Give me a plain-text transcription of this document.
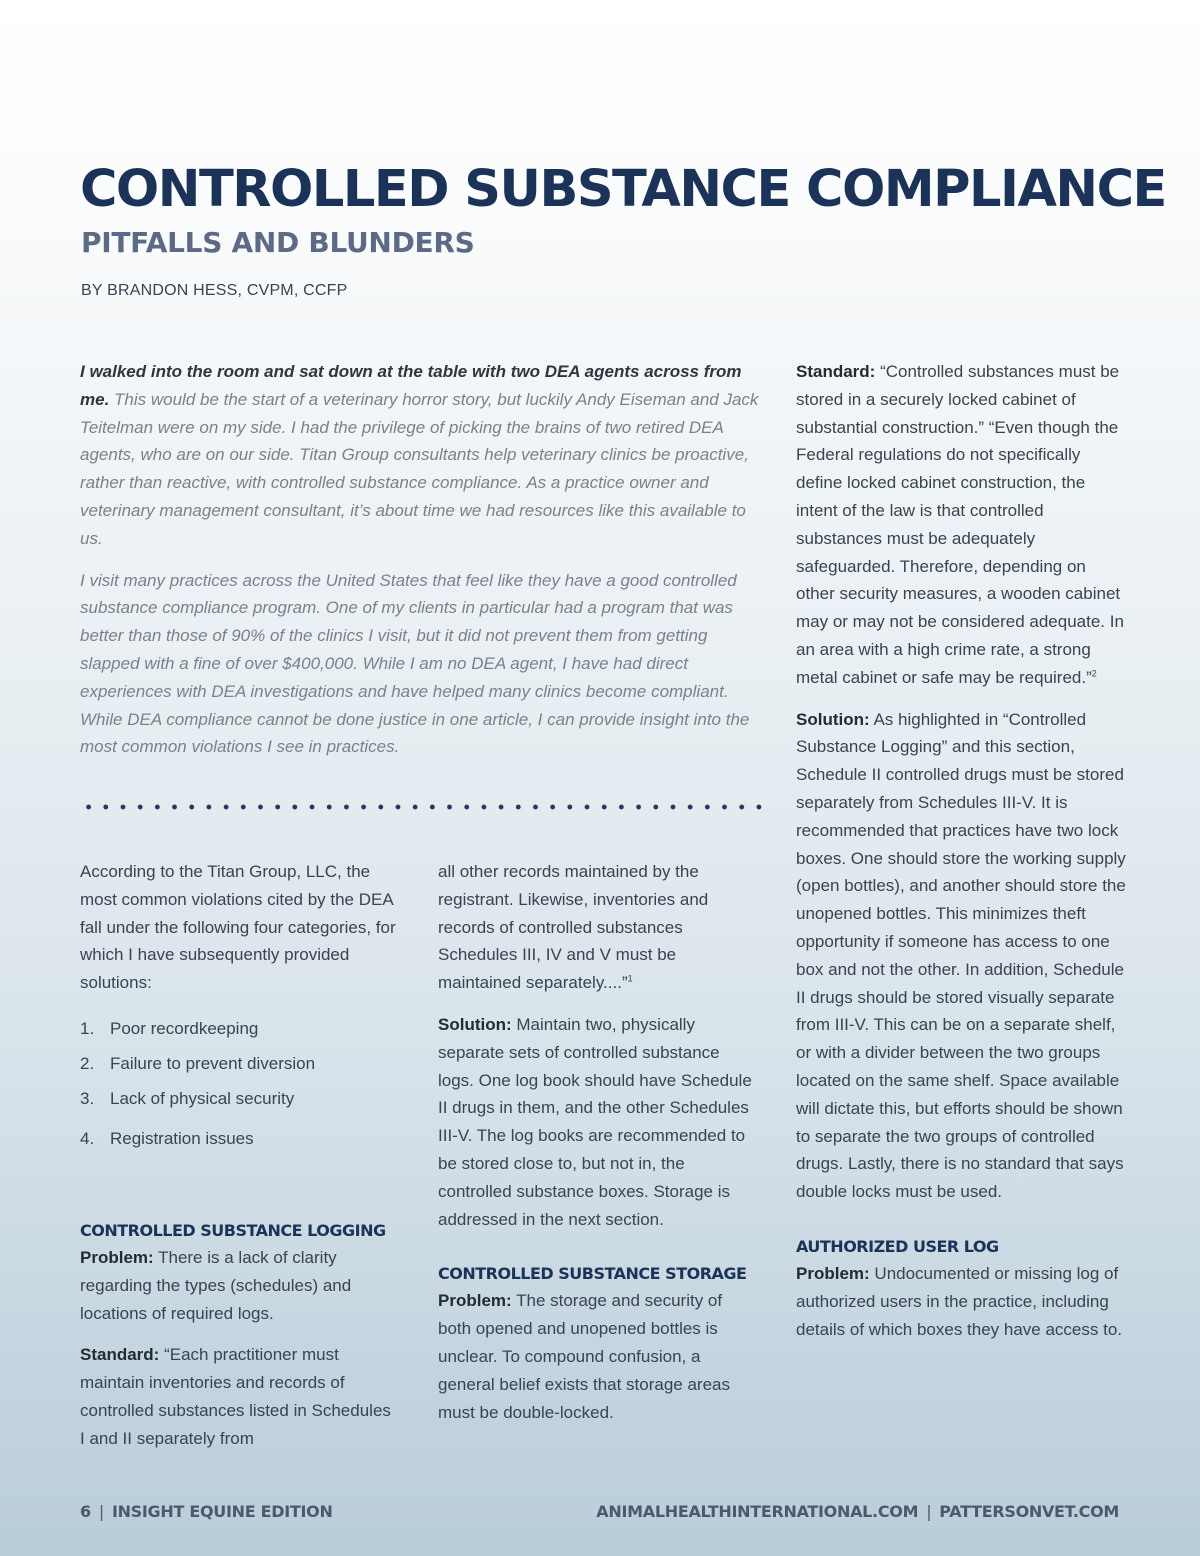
CONTROLLED SUBSTANCE COMPLIANCE
PITFALLS AND BLUNDERS

BY BRANDON HESS, CVPM, CCFP

I walked into the room and sat down at the table with two DEA agents across from me. This would be the start of a veterinary horror story, but luckily Andy Eiseman and Jack Teitelman were on my side. I had the privilege of picking the brains of two retired DEA agents, who are on our side. Titan Group consultants help veterinary clinics be proactive, rather than reactive, with controlled substance compliance. As a practice owner and veterinary management consultant, it’s about time we had resources like this available to us.

I visit many practices across the United States that feel like they have a good controlled substance compliance program. One of my clients in particular had a program that was better than those of 90% of the clinics I visit, but it did not prevent them from getting slapped with a fine of over $400,000. While I am no DEA agent, I have had direct experiences with DEA investigations and have helped many clinics become compliant. While DEA compliance cannot be done justice in one article, I can provide insight into the most common violations I see in practices.

According to the Titan Group, LLC, the most common violations cited by the DEA fall under the following four categories, for which I have subsequently provided solutions:

1. Poor recordkeeping
2. Failure to prevent diversion
3. Lack of physical security
4. Registration issues
CONTROLLED SUBSTANCE LOGGING

Problem: There is a lack of clarity regarding the types (schedules) and locations of required logs.

Standard: “Each practitioner must maintain inventories and records of controlled substances listed in Schedules I and II separately from

all other records maintained by the registrant. Likewise, inventories and records of controlled substances Schedules III, IV and V must be maintained separately....”$^1$

Solution: Maintain two, physically separate sets of controlled substance logs. One log book should have Schedule II drugs in them, and the other Schedules III-V. The log books are recommended to be stored close to, but not in, the controlled substance boxes. Storage is addressed in the next section.

CONTROLLED SUBSTANCE STORAGE

Problem: The storage and security of both opened and unopened bottles is unclear. To compound confusion, a general belief exists that storage areas must be double-locked.

Standard: “Controlled substances must be stored in a securely locked cabinet of substantial construction.” “Even though the Federal regulations do not specifically define locked cabinet construction, the intent of the law is that controlled substances must be adequately safeguarded. Therefore, depending on other security measures, a wooden cabinet may or may not be considered adequate. In an area with a high crime rate, a strong metal cabinet or safe may be required.”$^2$

Solution: As highlighted in “Controlled Substance Logging” and this section, Schedule II controlled drugs must be stored separately from Schedules III-V. It is recommended that practices have two lock boxes. One should store the working supply (open bottles), and another should store the unopened bottles. This minimizes theft opportunity if someone has access to one box and not the other. In addition, Schedule II drugs should be stored visually separate from III-V. This can be on a separate shelf, or with a divider between the two groups located on the same shelf. Space available will dictate this, but efforts should be shown to separate the two groups of controlled drugs. Lastly, there is no standard that says double locks must be used.

AUTHORIZED USER LOG

Problem: Undocumented or missing log of authorized users in the practice, including details of which boxes they have access to.

6 | INSIGHT EQUINE EDITION	ANIMALHEALTHINTERNATIONAL.COM | PATTERSONVET.COM
